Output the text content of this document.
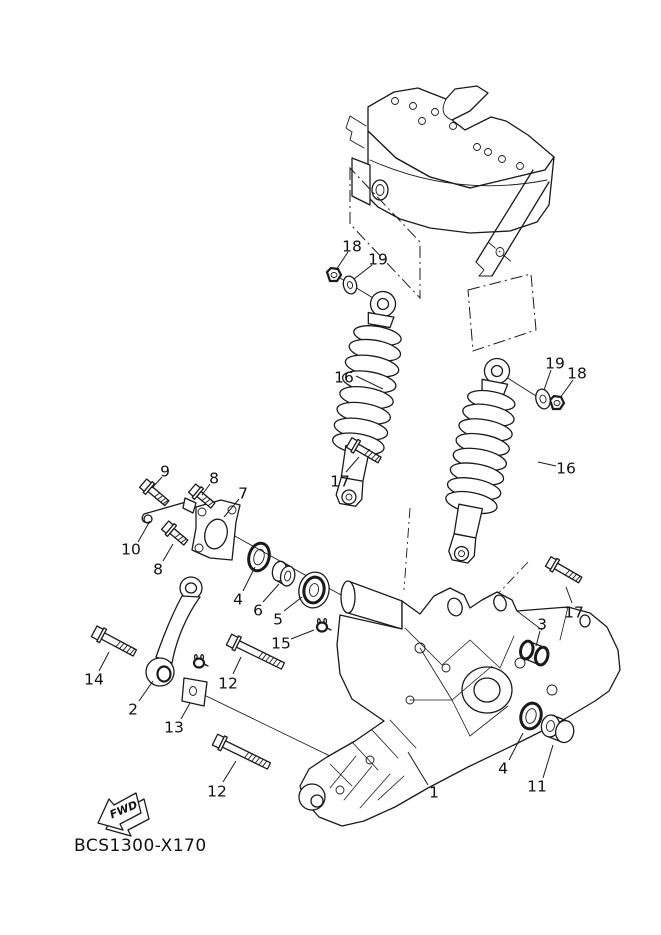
FWD
BCS1300-X170
18
19
16
17
9	8
7
10
8
4
6 5
15
14
2
13
12
12	1
4
11
3
17
16
19
18
